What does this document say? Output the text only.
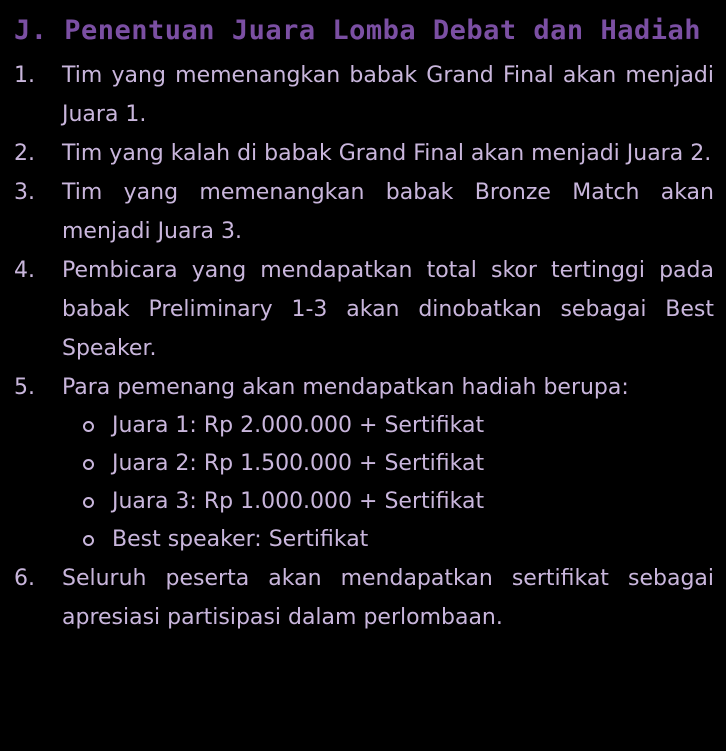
J. Penentuan Juara Lomba Debat dan Hadiah
1.	Tim yang memenangkan babak Grand Final akan menjadi Juara 1.
2.	Tim yang kalah di babak Grand Final akan menjadi Juara 2.
3.	Tim yang memenangkan babak Bronze Match akan menjadi Juara 3.
4.	Pembicara yang mendapatkan total skor tertinggi pada babak Preliminary 1-3 akan dinobatkan sebagai Best Speaker.
5.	Para pemenang akan mendapatkan hadiah berupa:
Juara 1: Rp 2.000.000 + Sertifikat
Juara 2: Rp 1.500.000 + Sertifikat
Juara 3: Rp 1.000.000 + Sertifikat
Best speaker: Sertifikat
6.	Seluruh peserta akan mendapatkan sertifikat sebagai apresiasi partisipasi dalam perlombaan.
